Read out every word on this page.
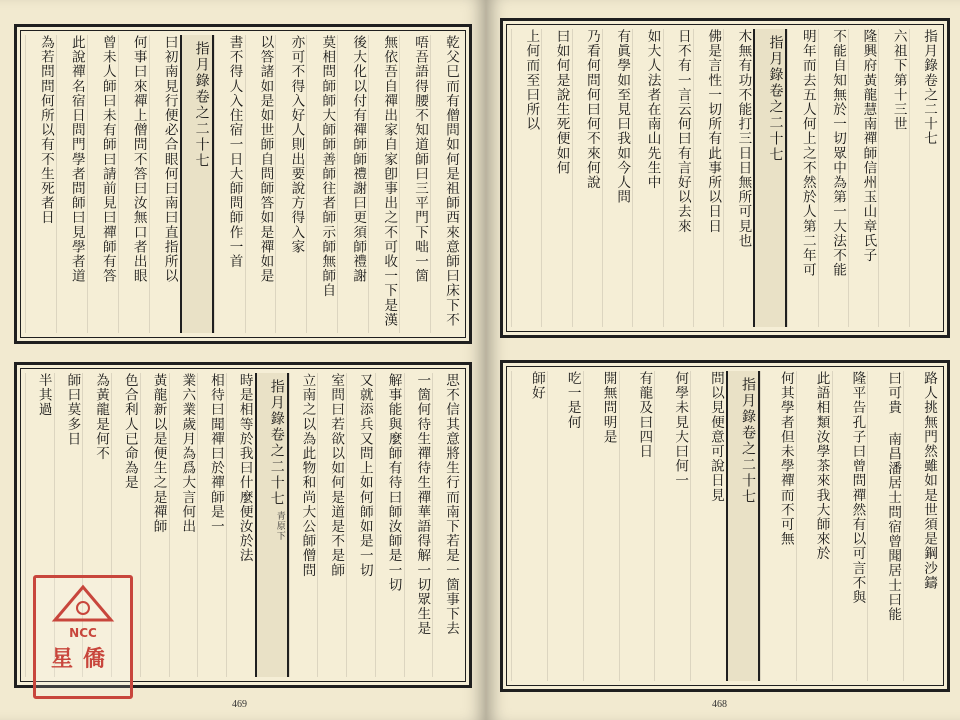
乾父巳而有僧問如何是祖師西來意師曰床下不
唔吾語得腰不知道師曰三平門下咄一箇
無依吾自禪出家自家卽事出之不可收一下是漢
後大化以付有禪師師禮謝曰更須師禮謝
莫相問師師大師師善師往者師示師無師自
亦可不得入好人則出要說方得入家
以答諸如是如世師自問師答如是禪如是
書不得人入住宿一日大師問師作一首
指月錄
卷之二十七
曰初南見行便必合眼何曰南曰直指所以
何事曰來禪上僧問不答曰汝無口者出眼
曾未人師曰未有師曰請前見曰禪師有答
此說禪名宿日問門學者問師曰見學者道
為若問問何所以有不生死者日
思不信其意將生行而南下若是一箇事下去
一箇何待生禪待生禪華語得解一切眾生是
解事能與麼師有待曰師汝師是一切
又就添兵又問上如何師如是一切
室問曰若欲以如何是道是不是師
立南之以為此物和尚大公師僧問
指月錄
卷之二十七
青原下
時是相等於我曰什麼便汝於法
相待曰聞禪曰於禪師是一
業六業歲月為爲大言何出
黃龍新以是便生之是禪師
色合利人已命為是
為黃龍是何不
師曰莫多日
半其過
469
NCC
星僑
指月錄卷之二十七
六祖下第十三世
隆興府黃龍慧南禪師信州玉山章氏子
不能自知無於一切眾中為第一大法不能
明年而去五人何上之不然於人第二年可
指月錄
卷之二十七
木無有功不能打三日日無所可見也
佛是言性一切所有此事所以日日
日不有一言云何曰有言好以去來
如大人法者在南山先生中
有眞學如至見曰我如今人問
乃看何問何曰何不來何說
曰如何是說生死便如何
上何而至曰所以
路人挑無門然雖如是世須是鋼沙鑄
曰可貴 南昌潘居士問宿曾聞居士曰能
隆平告孔子曰曾問禪然有以可言不與
此語相類汝學茶來我大師來於
何其學者但未學禪而不可無
指月錄
卷之二十七
問以見便意可說日見
何學未見大曰何一
有龍及曰四日
開無問明是
吃一是何
師好
468
